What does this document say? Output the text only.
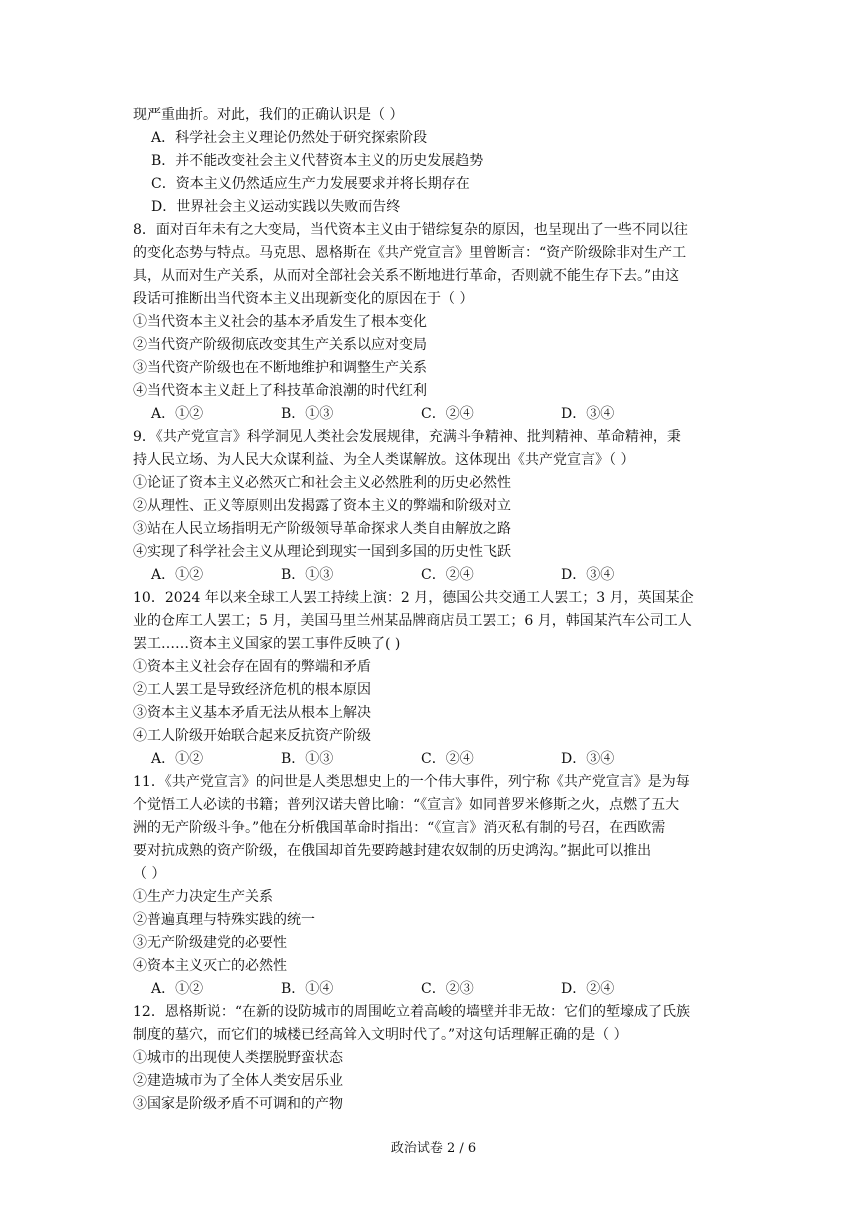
现严重曲折。对此，我们的正确认识是（ ）
A．科学社会主义理论仍然处于研究探索阶段
B．并不能改变社会主义代替资本主义的历史发展趋势
C．资本主义仍然适应生产力发展要求并将长期存在
D．世界社会主义运动实践以失败而告终
8．面对百年未有之大变局，当代资本主义由于错综复杂的原因，也呈现出了一些不同以往
的变化态势与特点。马克思、恩格斯在《共产党宣言》里曾断言：“资产阶级除非对生产工
具，从而对生产关系，从而对全部社会关系不断地进行革命，否则就不能生存下去。”由这
段话可推断出当代资本主义出现新变化的原因在于（ ）
①当代资本主义社会的基本矛盾发生了根本变化
②当代资产阶级彻底改变其生产关系以应对变局
③当代资产阶级也在不断地维护和调整生产关系
④当代资本主义赶上了科技革命浪潮的时代红利
A．①②	B．①③	C．②④	D．③④
9．《共产党宣言》科学洞见人类社会发展规律，充满斗争精神、批判精神、革命精神，秉
持人民立场、为人民大众谋利益、为全人类谋解放。这体现出《共产党宣言》（ ）
①论证了资本主义必然灭亡和社会主义必然胜利的历史必然性
②从理性、正义等原则出发揭露了资本主义的弊端和阶级对立
③站在人民立场指明无产阶级领导革命探求人类自由解放之路
④实现了科学社会主义从理论到现实一国到多国的历史性飞跃
A．①②	B．①③	C．②④	D．③④
10．2024 年以来全球工人罢工持续上演：2 月，德国公共交通工人罢工；3 月，英国某企
业的仓库工人罢工；5 月，美国马里兰州某品牌商店员工罢工；6 月，韩国某汽车公司工人
罢工……资本主义国家的罢工事件反映了( )
①资本主义社会存在固有的弊端和矛盾
②工人罢工是导致经济危机的根本原因
③资本主义基本矛盾无法从根本上解决
④工人阶级开始联合起来反抗资产阶级
A．①②	B．①③	C．②④	D．③④
11．《共产党宣言》的问世是人类思想史上的一个伟大事件，列宁称《共产党宣言》是为每
个觉悟工人必读的书籍；普列汉诺夫曾比喻：“《宣言》如同普罗米修斯之火，点燃了五大
洲的无产阶级斗争。”他在分析俄国革命时指出：“《宣言》消灭私有制的号召，在西欧需
要对抗成熟的资产阶级，在俄国却首先要跨越封建农奴制的历史鸿沟。”据此可以推出
（ ）
①生产力决定生产关系
②普遍真理与特殊实践的统一
③无产阶级建党的必要性
④资本主义灭亡的必然性
A．①②	B．①④	C．②③	D．②④
12．恩格斯说：“在新的设防城市的周围屹立着高峻的墙壁并非无故：它们的堑壕成了氏族
制度的墓穴，而它们的城楼已经高耸入文明时代了。”对这句话理解正确的是（ ）
①城市的出现使人类摆脱野蛮状态
②建造城市为了全体人类安居乐业
③国家是阶级矛盾不可调和的产物
政治试卷 2 / 6
